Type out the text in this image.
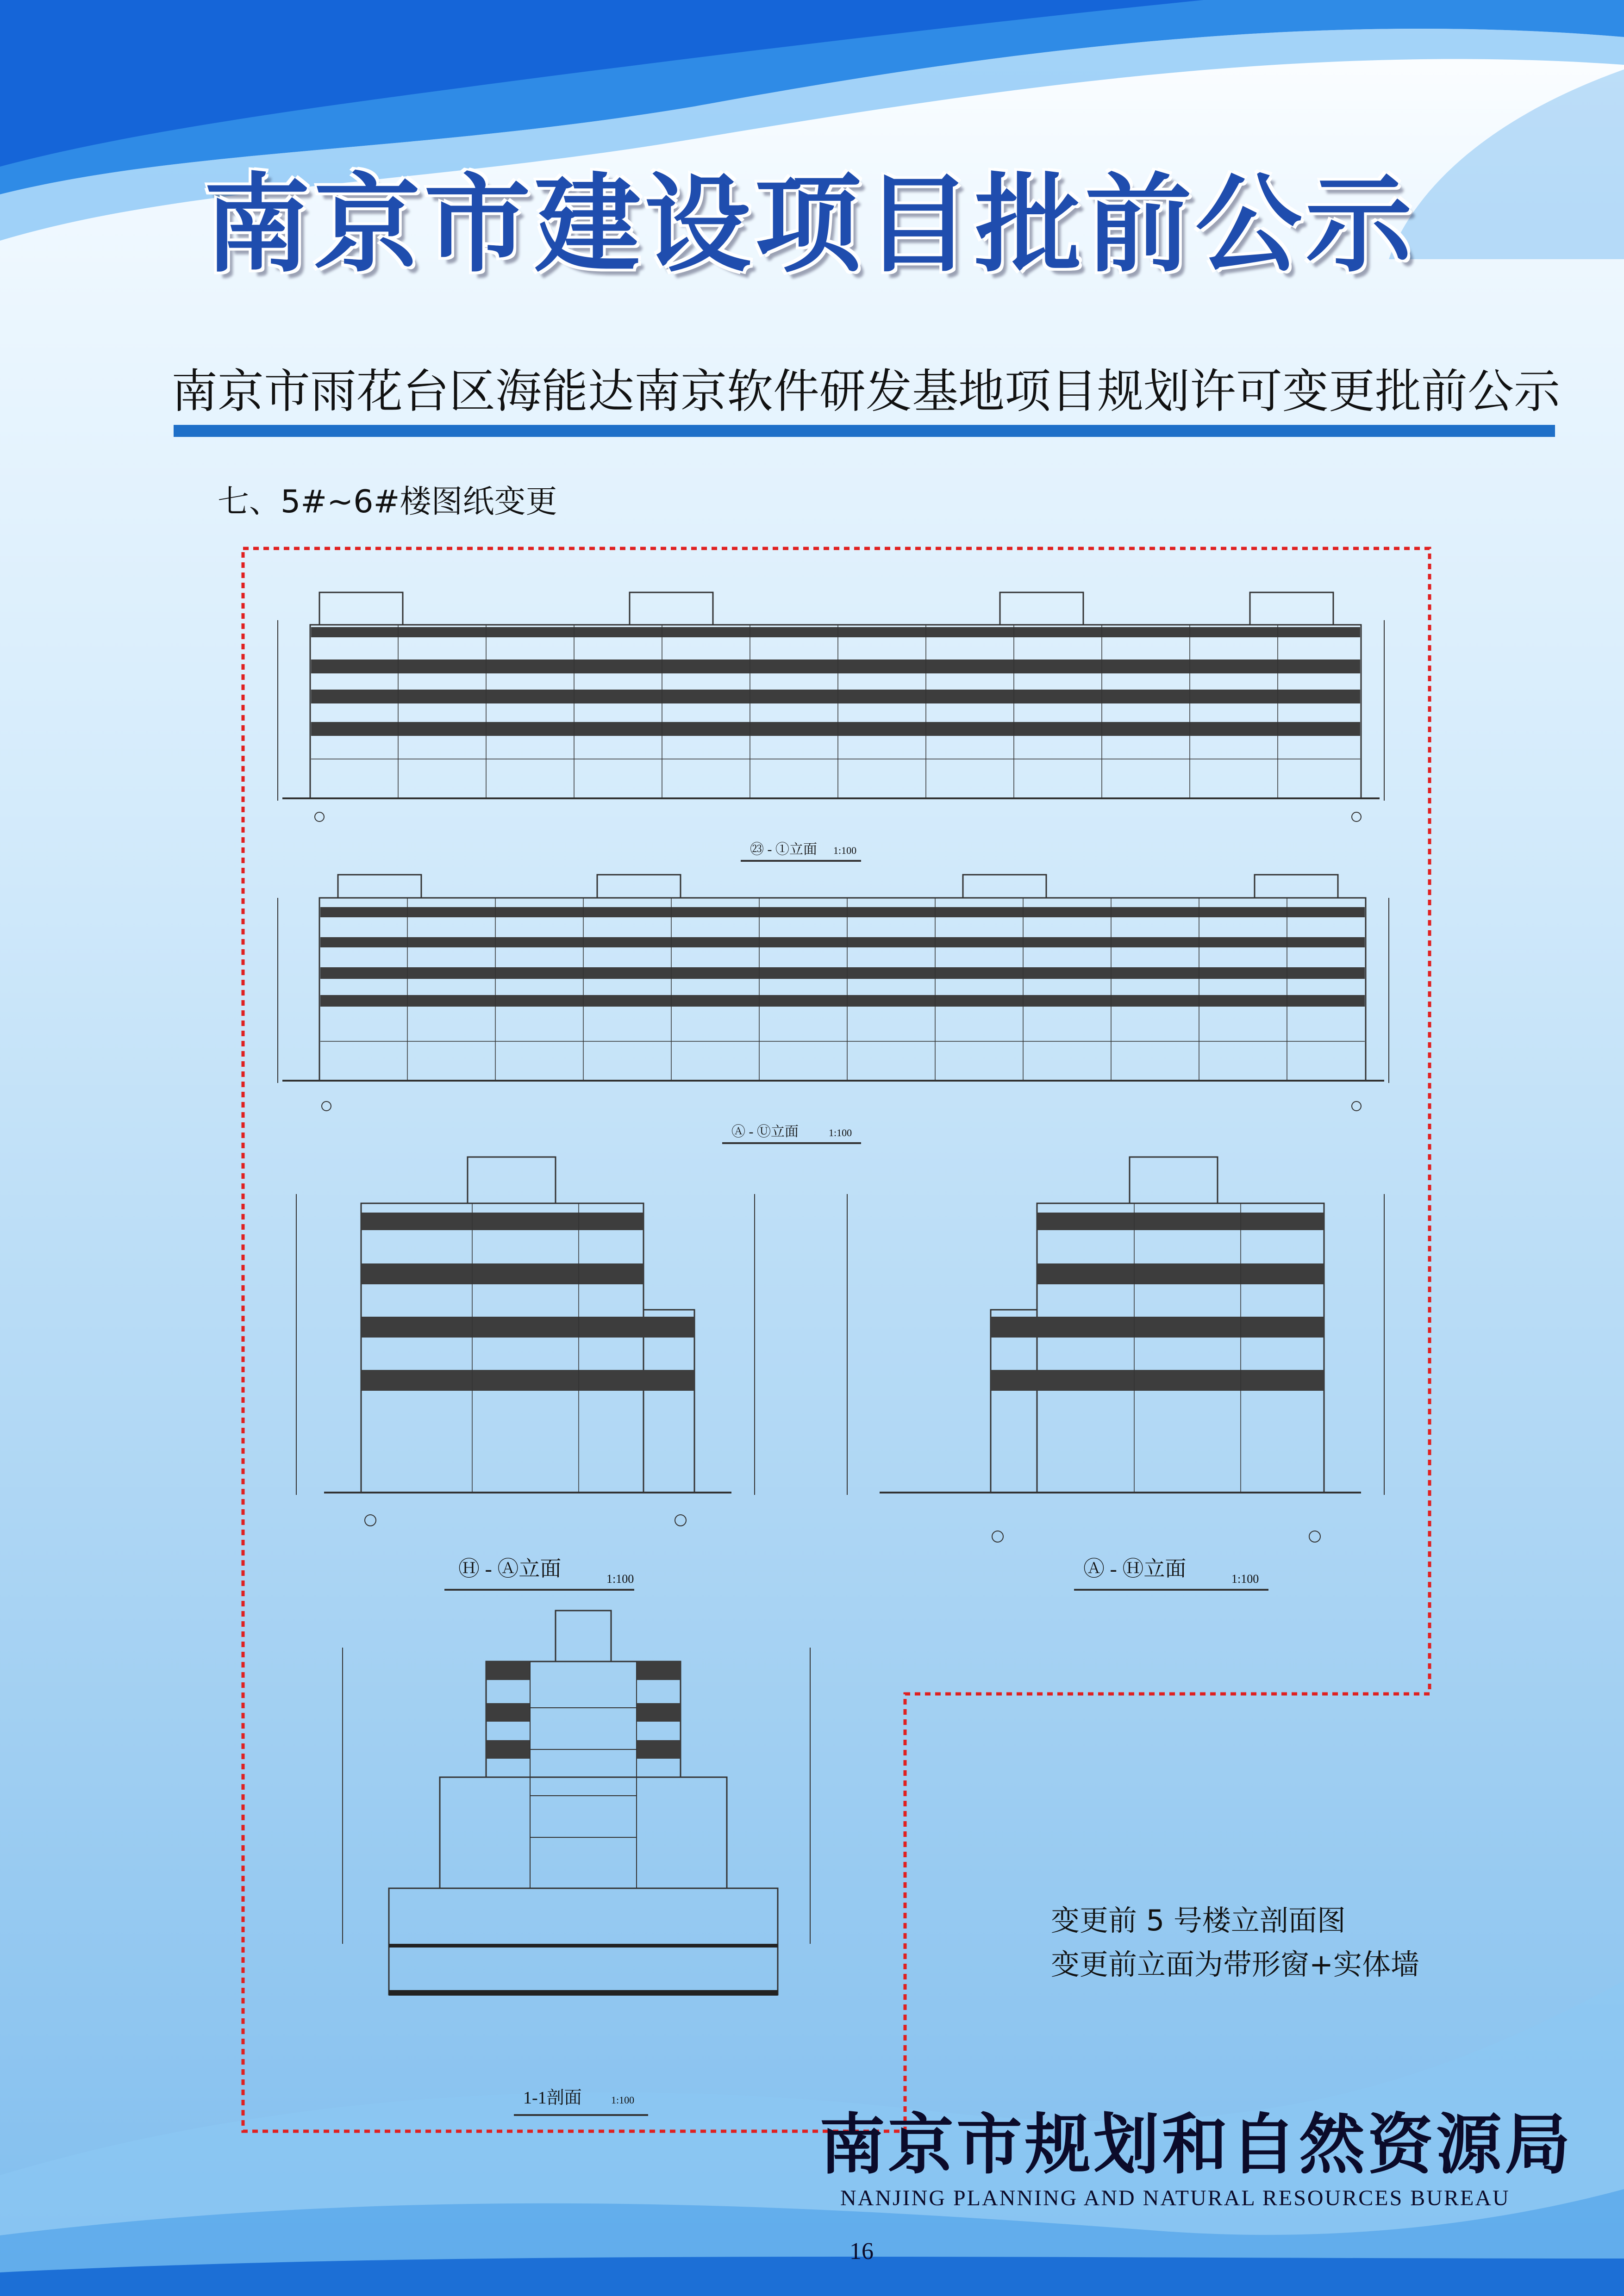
南京市建设项目批前公示
南京市雨花台区海能达南京软件研发基地项目规划许可变更批前公示
七、5#~6#楼图纸变更
㉓ - ①立面 1:100
Ⓐ - Ⓤ立面	1:100
Ⓗ - Ⓐ立面	1:100	Ⓐ - Ⓗ立面	1:100
1-1剖面	1:100
变更前 5 号楼立剖面图
变更前立面为带形窗+实体墙
南京市规划和自然资源局
NANJING PLANNING AND NATURAL RESOURCES BUREAU
16
